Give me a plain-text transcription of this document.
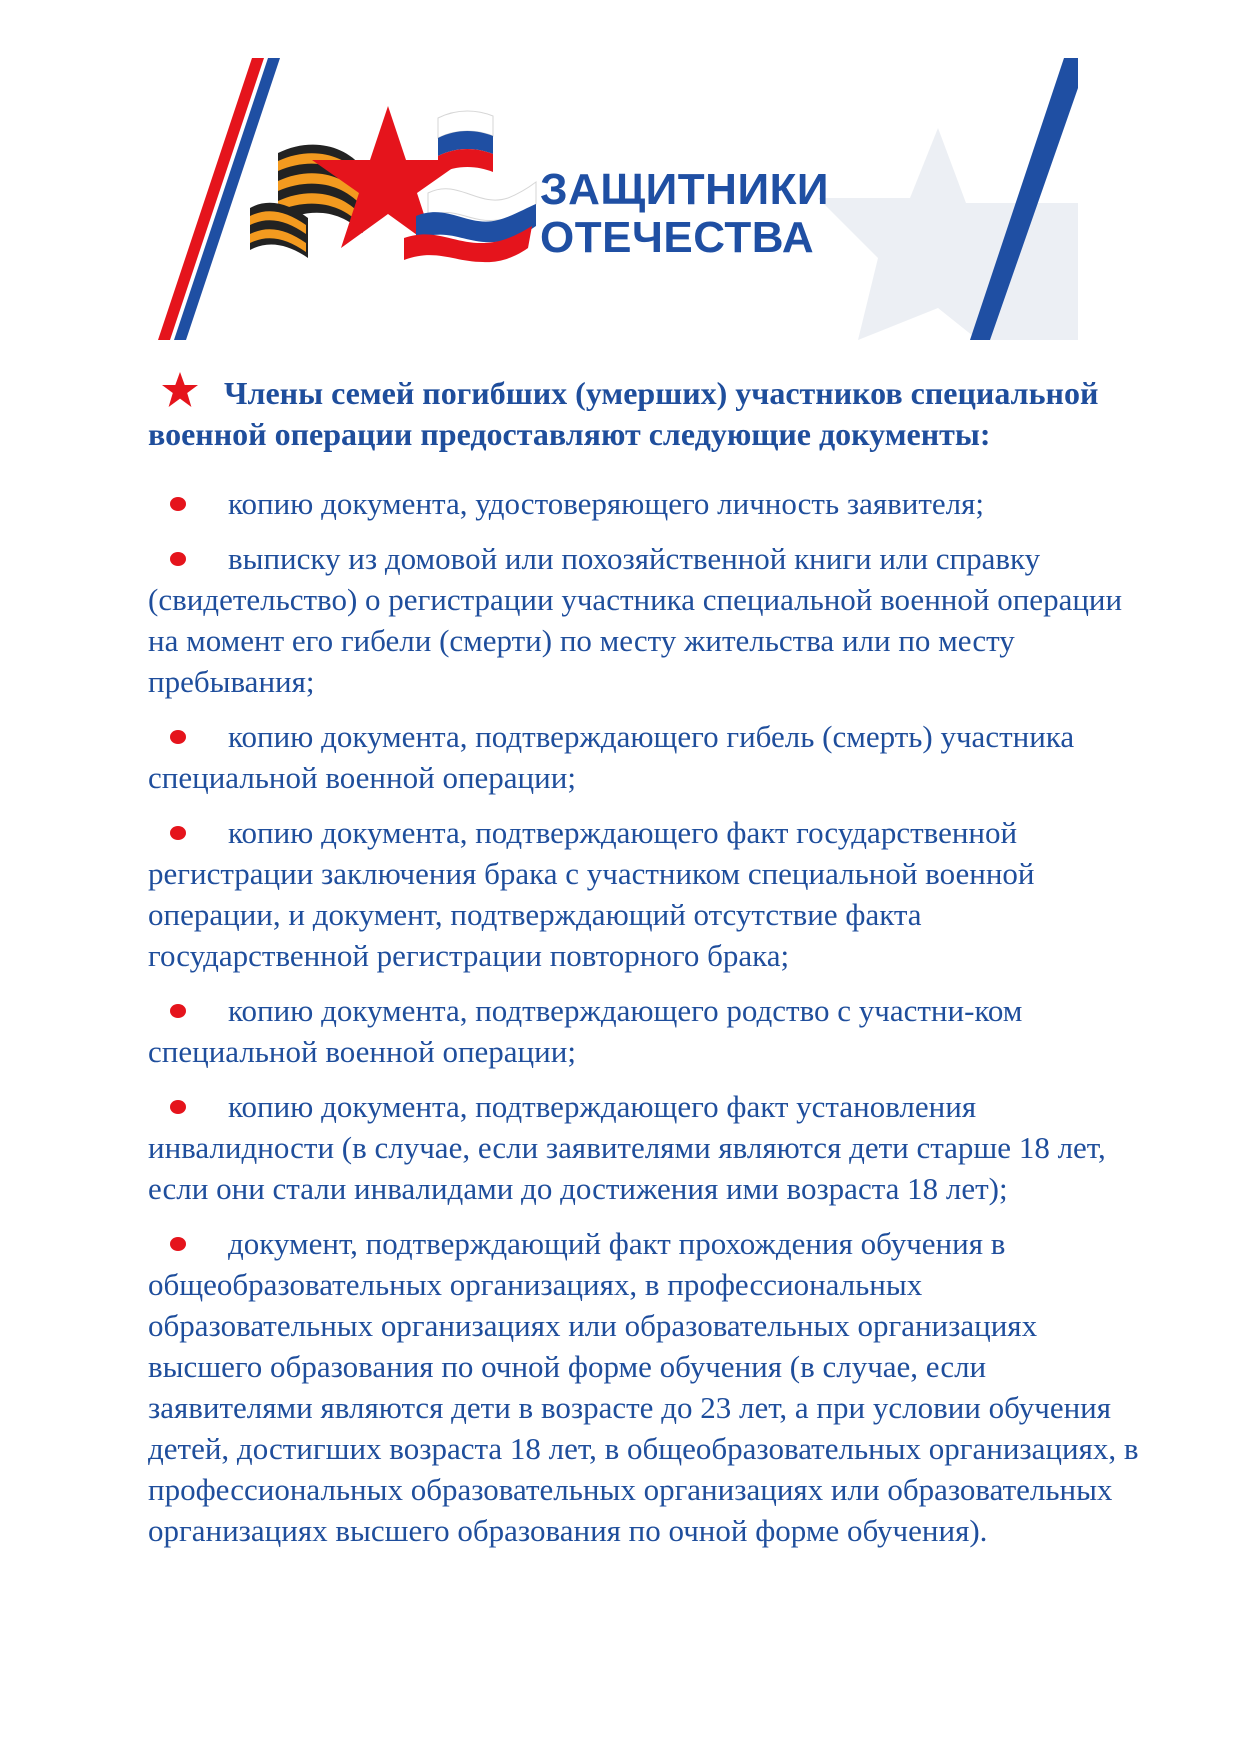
ЗАЩИТНИКИ
ОТЕЧЕСТВА

Члены семей погибших (умерших) участников специальной военной операции предоставляют следующие документы:

копию документа, удостоверяющего личность заявителя;
выписку из домовой или похозяйственной книги или справку (свидетельство) о регистрации участника специальной военной операции на момент его гибели (смерти) по месту жительства или по месту пребывания;
копию документа, подтверждающего гибель (смерть) участника специальной военной операции;
копию документа, подтверждающего факт государственной регистрации заключения брака с участником специальной военной операции, и документ, подтверждающий отсутствие факта государственной регистрации повторного брака;
копию документа, подтверждающего родство с участни-ком специальной военной операции;
копию документа, подтверждающего факт установления инвалидности (в случае, если заявителями являются дети старше 18 лет, если они стали инвалидами до достижения ими возраста 18 лет);
документ, подтверждающий факт прохождения обучения в общеобразовательных организациях, в профессиональных образовательных организациях или образовательных организациях высшего образования по очной форме обучения (в случае, если заявителями являются дети в возрасте до 23 лет, а при условии обучения детей, достигших возраста 18 лет, в общеобразовательных организациях, в профессиональных образовательных организациях или образовательных организациях высшего образования по очной форме обучения).
